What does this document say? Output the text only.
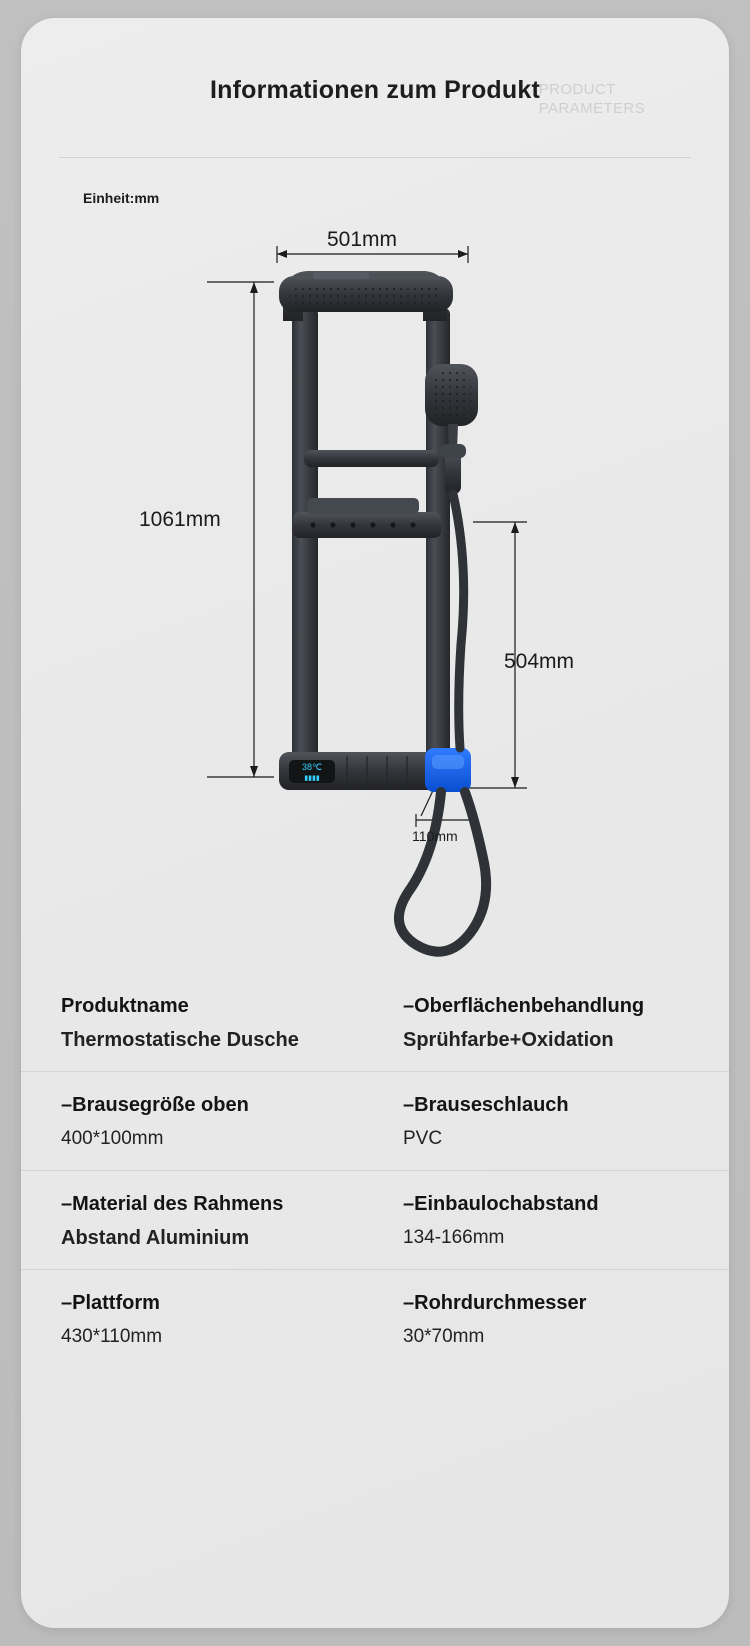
Informationen zum Produkt
PRODUCT
PARAMETERS
Einheit:mm
38℃
▮▮▮▮
501mm
1061mm
504mm
110mm
Produktname
Thermostatische Dusche
–Oberflächenbehandlung
Sprühfarbe+Oxidation
–Brausegröße oben
400*100mm
–Brauseschlauch
PVC
–Material des Rahmens
Abstand Aluminium
–Einbaulochabstand
134-166mm
–Plattform
430*110mm
–Rohrdurchmesser
30*70mm
